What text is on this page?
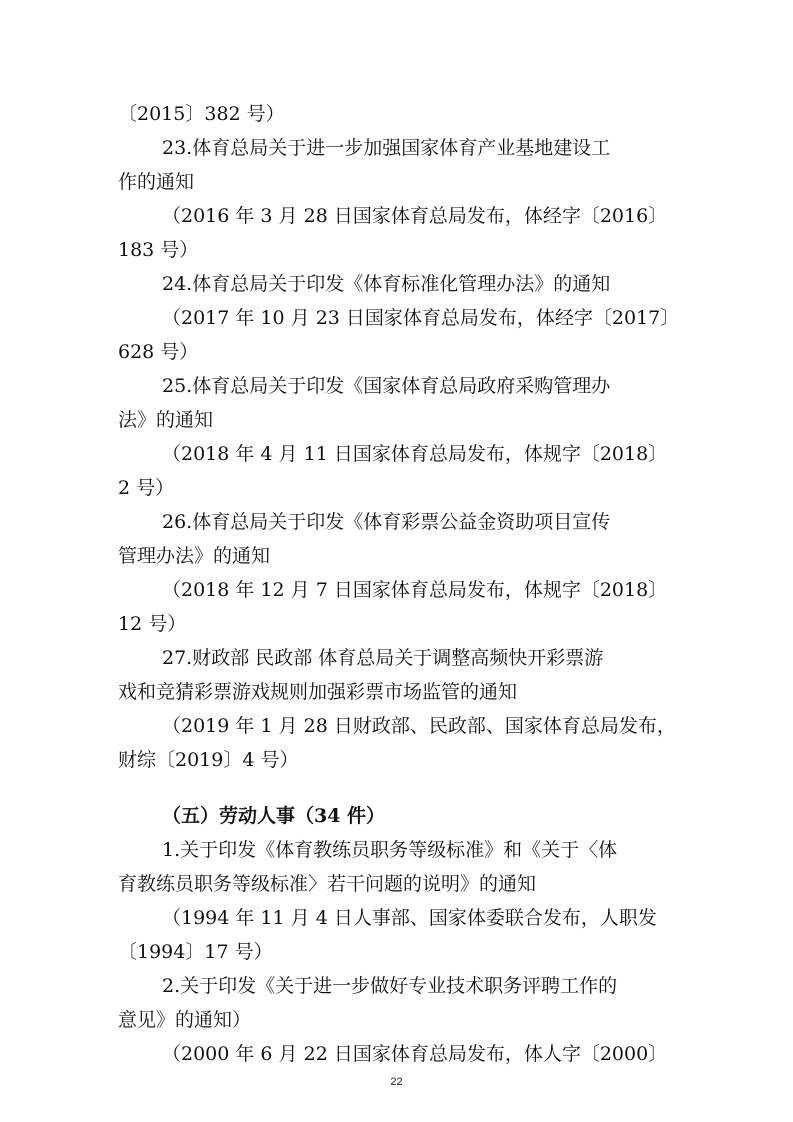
〔2015〕382 号）
23.体育总局关于进一步加强国家体育产业基地建设工
作的通知
（2016 年 3 月 28 日国家体育总局发布，体经字〔2016〕
183 号）
24.体育总局关于印发《体育标准化管理办法》的通知
（2017 年 10 月 23 日国家体育总局发布，体经字〔2017〕
628 号）
25.体育总局关于印发《国家体育总局政府采购管理办
法》的通知
（2018 年 4 月 11 日国家体育总局发布，体规字〔2018〕
2 号）
26.体育总局关于印发《体育彩票公益金资助项目宣传
管理办法》的通知
（2018 年 12 月 7 日国家体育总局发布，体规字〔2018〕
12 号）
27.财政部 民政部 体育总局关于调整高频快开彩票游
戏和竞猜彩票游戏规则加强彩票市场监管的通知
（2019 年 1 月 28 日财政部、民政部、国家体育总局发布，
财综〔2019〕4 号）
（五）劳动人事（34 件）
1.关于印发《体育教练员职务等级标准》和《关于〈体
育教练员职务等级标准〉若干问题的说明》的通知
（1994 年 11 月 4 日人事部、国家体委联合发布，人职发
〔1994〕17 号）
2.关于印发《关于进一步做好专业技术职务评聘工作的
意见》的通知）
（2000 年 6 月 22 日国家体育总局发布，体人字〔2000〕
22
